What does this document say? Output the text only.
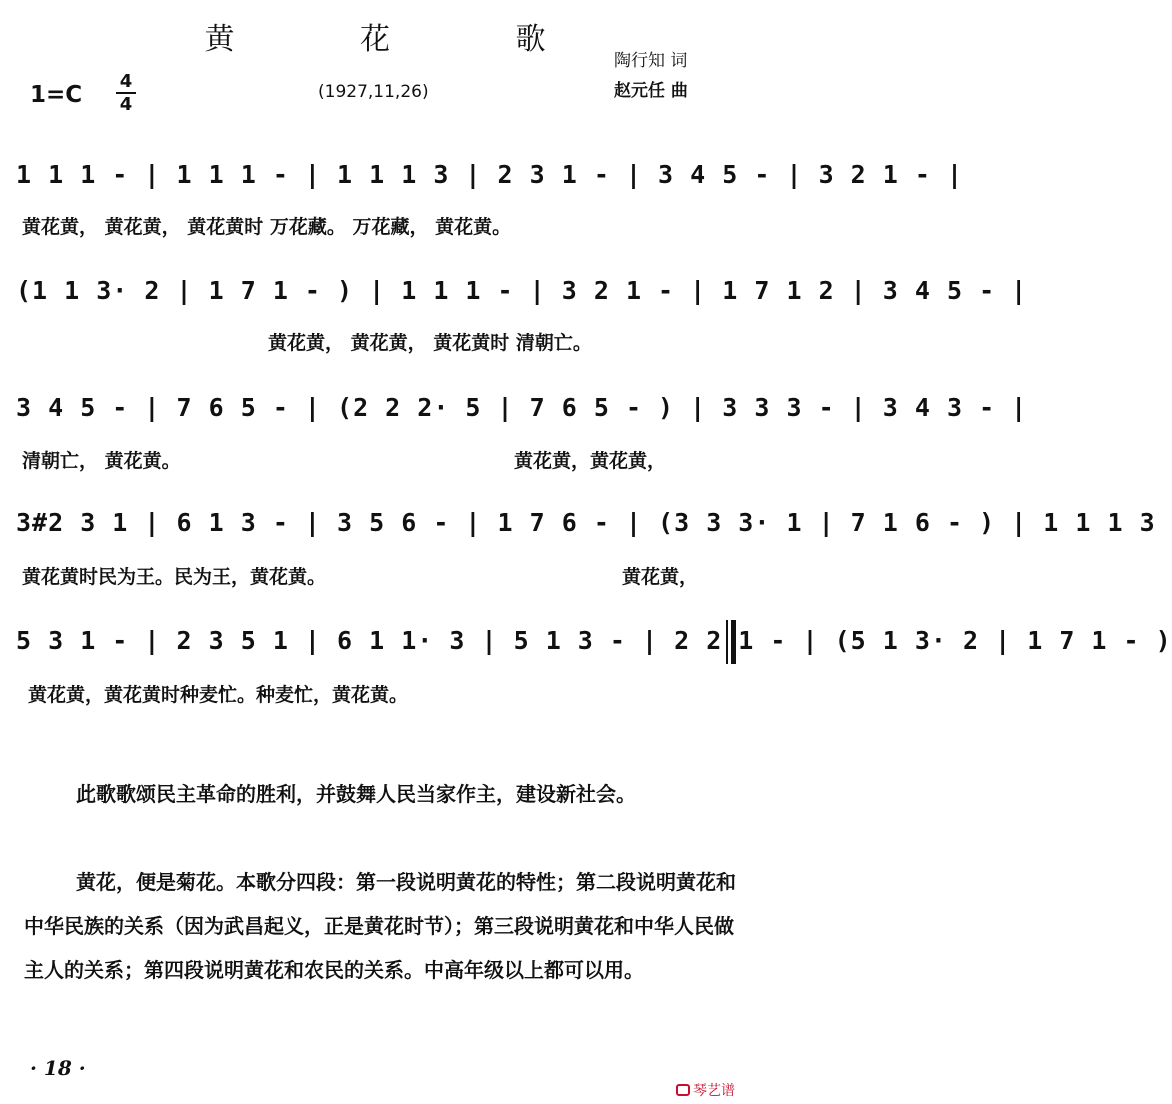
黄 花 歌
陶行知 词
赵元任 曲
1=C
4
4
(1927,11,26)
1 1 1 - | 1 1 1 - | 1 1 1 3 | 2 3 1 - | 3 4 5 - | 3 2 1 - |
黄花黄， 黄花黄， 黄花黄时 万花藏。 万花藏， 黄花黄。
(1 1 3· 2 | 1 7 1 - ) | 1 1 1 - | 3 2 1 - | 1 7 1 2 | 3 4 5 - |
黄花黄， 黄花黄， 黄花黄时 清朝亡。
3 4 5 - | 7 6 5 - | (2 2 2· 5 | 7 6 5 - ) | 3 3 3 - | 3 4 3 - |
清朝亡， 黄花黄。	黄花黄，黄花黄，
3#2 3 1 | 6 1 3 - | 3 5 6 - | 1 7 6 - | (3 3 3· 1 | 7 1 6 - ) | 1 1 1 3
黄花黄时民为王。民为王，黄花黄。	黄花黄，
5 3 1 - | 2 3 5 1 | 6 1 1· 3 | 5 1 3 - | 2 2 1 - | (5 1 3· 2 | 1 7 1 - )
黄花黄，黄花黄时种麦忙。种麦忙，黄花黄。
此歌歌颂民主革命的胜利，并鼓舞人民当家作主，建设新社会。
黄花，便是菊花。本歌分四段：第一段说明黄花的特性；第二段说明黄花和中华民族的关系（因为武昌起义，正是黄花时节）；第三段说明黄花和中华人民做主人的关系；第四段说明黄花和农民的关系。中高年级以上都可以用。
· 18 ·
琴艺谱
